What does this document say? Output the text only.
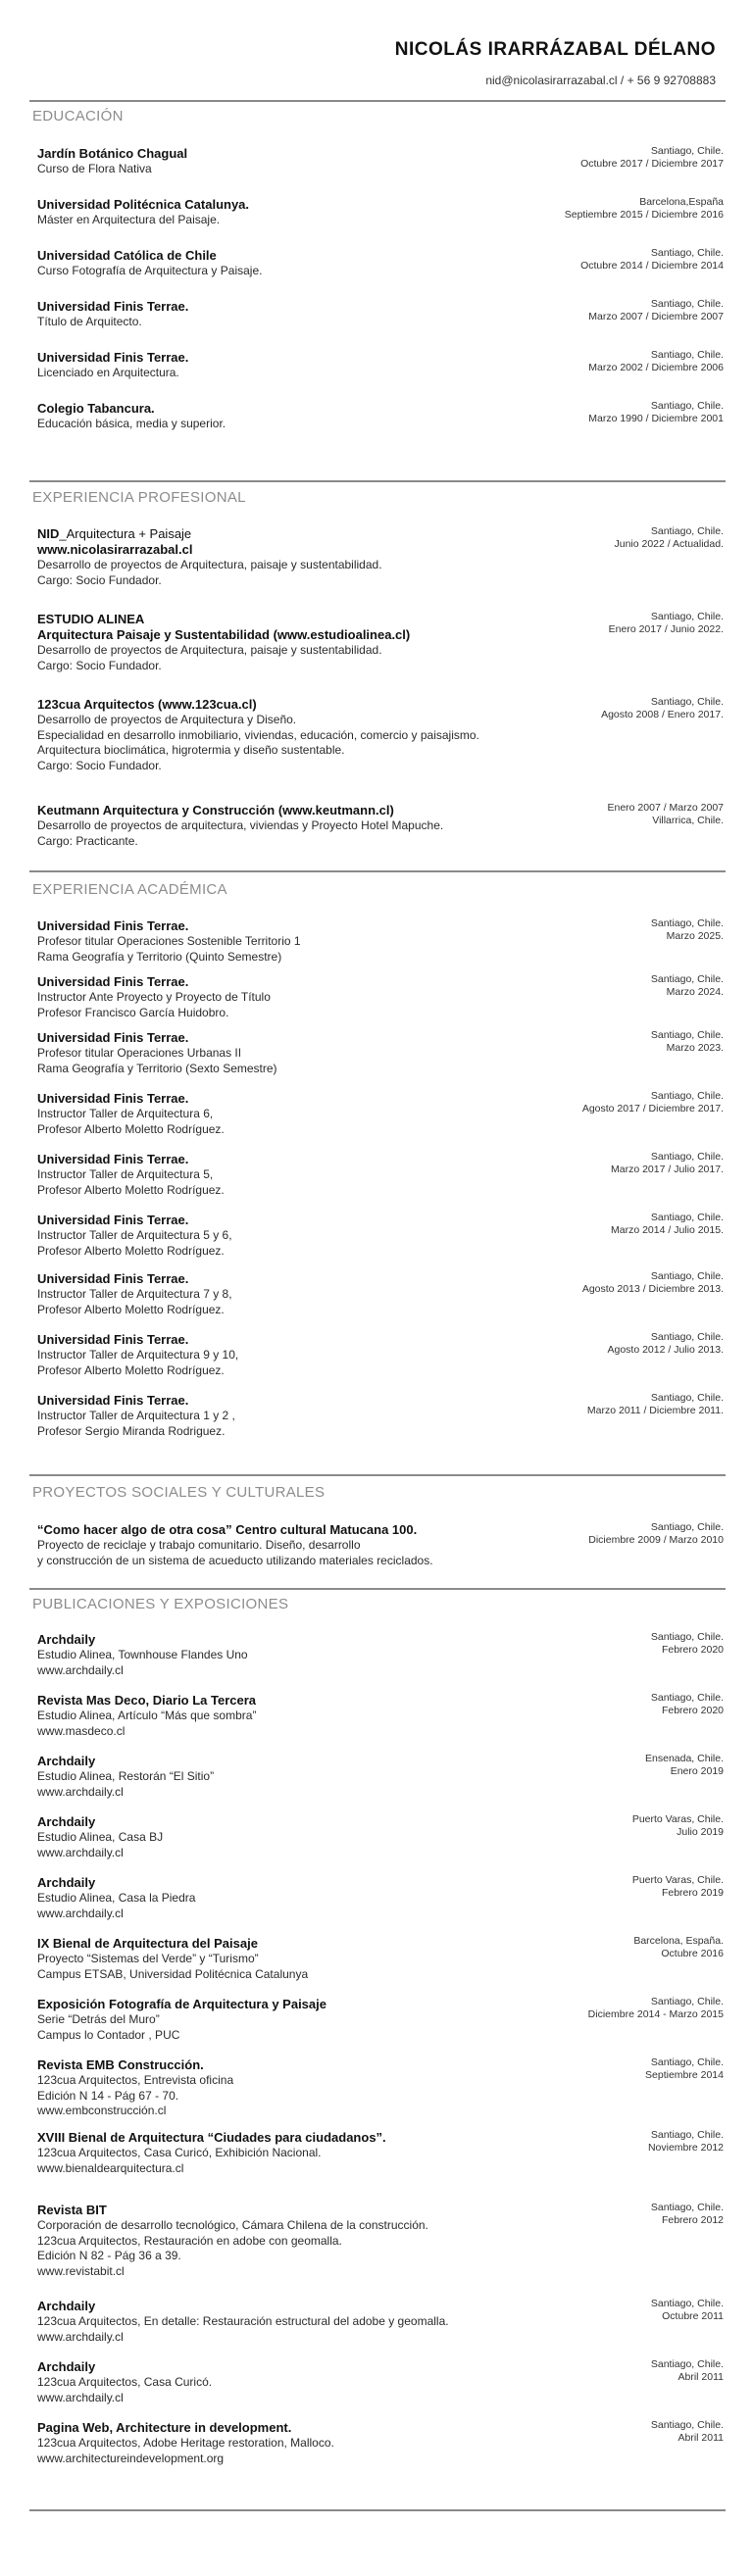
NICOLÁS IRARRÁZABAL DÉLANO
nid@nicolasirarrazabal.cl / + 56 9 92708883
EDUCACIÓN
Jardín Botánico Chagual
Curso de Flora Nativa
Santiago, Chile.
Octubre 2017 / Diciembre 2017
Universidad Politécnica Catalunya.
Máster en Arquitectura del Paisaje.
Barcelona,España
Septiembre 2015 / Diciembre 2016
Universidad Católica de Chile
Curso Fotografía de Arquitectura y Paisaje.
Santiago, Chile.
Octubre 2014 / Diciembre 2014
Universidad Finis Terrae.
Título de Arquitecto.
Santiago, Chile.
Marzo 2007 / Diciembre 2007
Universidad Finis Terrae.
Licenciado en Arquitectura.
Santiago, Chile.
Marzo 2002 / Diciembre 2006
Colegio Tabancura.
Educación básica, media y superior.
Santiago, Chile.
Marzo 1990 / Diciembre 2001
EXPERIENCIA PROFESIONAL
NID_Arquitectura + Paisaje
www.nicolasirarrazabal.cl
Desarrollo de proyectos de Arquitectura, paisaje y sustentabilidad.
Cargo: Socio Fundador.
Santiago, Chile.
Junio 2022 / Actualidad.
ESTUDIO ALINEA
Arquitectura Paisaje y Sustentabilidad (www.estudioalinea.cl)
Desarrollo de proyectos de Arquitectura, paisaje y sustentabilidad.
Cargo: Socio Fundador.
Santiago, Chile.
Enero 2017 / Junio 2022.
123cua Arquitectos (www.123cua.cl)
Desarrollo de proyectos de Arquitectura y Diseño.
Especialidad en desarrollo inmobiliario, viviendas, educación, comercio y paisajismo.
Arquitectura bioclimática, higrotermia y diseño sustentable.
Cargo: Socio Fundador.
Santiago, Chile.
Agosto 2008 / Enero 2017.
Keutmann Arquitectura y Construcción (www.keutmann.cl)
Desarrollo de proyectos de arquitectura, viviendas y Proyecto Hotel Mapuche.
Cargo: Practicante.
Enero 2007 / Marzo 2007
Villarrica, Chile.
EXPERIENCIA ACADÉMICA
Universidad Finis Terrae.
Profesor titular Operaciones Sostenible Territorio 1
Rama Geografía y Territorio (Quinto Semestre)
Santiago, Chile.
Marzo 2025.
Universidad Finis Terrae.
Instructor Ante Proyecto y Proyecto de Título
Profesor Francisco García Huidobro.
Santiago, Chile.
Marzo 2024.
Universidad Finis Terrae.
Profesor titular Operaciones Urbanas II
Rama Geografía y Territorio (Sexto Semestre)
Santiago, Chile.
Marzo 2023.
Universidad Finis Terrae.
Instructor Taller de Arquitectura 6,
Profesor Alberto Moletto Rodríguez.
Santiago, Chile.
Agosto 2017 / Diciembre 2017.
Universidad Finis Terrae.
Instructor Taller de Arquitectura 5,
Profesor Alberto Moletto Rodríguez.
Santiago, Chile.
Marzo 2017 / Julio 2017.
Universidad Finis Terrae.
Instructor Taller de Arquitectura 5 y 6,
Profesor Alberto Moletto Rodríguez.
Santiago, Chile.
Marzo 2014 / Julio 2015.
Universidad Finis Terrae.
Instructor Taller de Arquitectura 7 y 8,
Profesor Alberto Moletto Rodríguez.
Santiago, Chile.
Agosto 2013 / Diciembre 2013.
Universidad Finis Terrae.
Instructor Taller de Arquitectura 9 y 10,
Profesor Alberto Moletto Rodríguez.
Santiago, Chile.
Agosto 2012 / Julio 2013.
Universidad Finis Terrae.
Instructor Taller de Arquitectura 1 y 2 ,
Profesor Sergio Miranda Rodriguez.
Santiago, Chile.
Marzo 2011 / Diciembre 2011.
PROYECTOS SOCIALES Y CULTURALES
“Como hacer algo de otra cosa” Centro cultural Matucana 100.
Proyecto de reciclaje y trabajo comunitario. Diseño, desarrollo
y construcción de un sistema de acueducto utilizando materiales reciclados.
Santiago, Chile.
Diciembre 2009 / Marzo 2010
PUBLICACIONES Y EXPOSICIONES
Archdaily
Estudio Alinea, Townhouse Flandes Uno
www.archdaily.cl
Santiago, Chile.
Febrero 2020
Revista Mas Deco, Diario La Tercera
Estudio Alinea, Artículo “Más que sombra”
www.masdeco.cl
Santiago, Chile.
Febrero 2020
Archdaily
Estudio Alinea, Restorán “El Sitio”
www.archdaily.cl
Ensenada, Chile.
Enero 2019
Archdaily
Estudio Alinea, Casa BJ
www.archdaily.cl
Puerto Varas, Chile.
Julio 2019
Archdaily
Estudio Alinea, Casa la Piedra
www.archdaily.cl
Puerto Varas, Chile.
Febrero 2019
IX Bienal de Arquitectura del Paisaje
Proyecto “Sistemas del Verde” y “Turismo”
Campus ETSAB, Universidad Politécnica Catalunya
Barcelona, España.
Octubre 2016
Exposición Fotografía de Arquitectura y Paisaje
Serie “Detrás del Muro”
Campus lo Contador , PUC
Santiago, Chile.
Diciembre 2014 - Marzo 2015
Revista EMB Construcción.
123cua Arquitectos, Entrevista oficina
Edición N 14 - Pág 67 - 70.
www.embconstrucción.cl
Santiago, Chile.
Septiembre 2014
XVIII Bienal de Arquitectura “Ciudades para ciudadanos”.
123cua Arquitectos, Casa Curicó, Exhibición Nacional.
www.bienaldearquitectura.cl
Santiago, Chile.
Noviembre 2012
Revista BIT
Corporación de desarrollo tecnológico, Cámara Chilena de la construcción.
123cua Arquitectos, Restauración en adobe con geomalla.
Edición N 82 - Pág 36 a 39.
www.revistabit.cl
Santiago, Chile.
Febrero 2012
Archdaily
123cua Arquitectos, En detalle: Restauración estructural del adobe y geomalla.
www.archdaily.cl
Santiago, Chile.
Octubre 2011
Archdaily
123cua Arquitectos, Casa Curicó.
www.archdaily.cl
Santiago, Chile.
Abril 2011
Pagina Web, Architecture in development.
123cua Arquitectos, Adobe Heritage restoration, Malloco.
www.architectureindevelopment.org
Santiago, Chile.
Abril 2011
